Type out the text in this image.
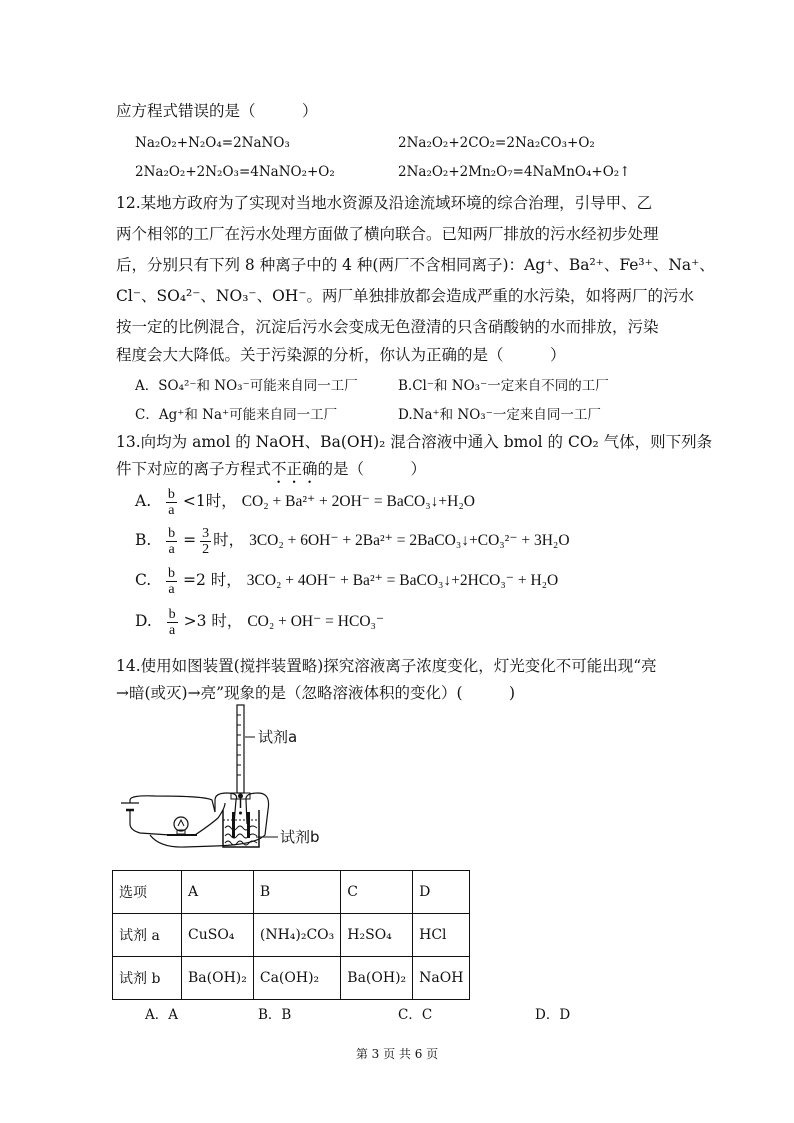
应方程式错误的是（　　　）
Na₂O₂+N₂O₄=2NaNO₃	2Na₂O₂+2CO₂=2Na₂CO₃+O₂
2Na₂O₂+2N₂O₃=4NaNO₂+O₂	2Na₂O₂+2Mn₂O₇=4NaMnO₄+O₂↑
12.某地方政府为了实现对当地水资源及沿途流域环境的综合治理，引导甲、乙
两个相邻的工厂在污水处理方面做了横向联合。已知两厂排放的污水经初步处理
后，分别只有下列 8 种离子中的 4 种(两厂不含相同离子)：Ag⁺、Ba²⁺、Fe³⁺、Na⁺、
Cl⁻、SO₄²⁻、NO₃⁻、OH⁻。两厂单独排放都会造成严重的水污染，如将两厂的污水
按一定的比例混合，沉淀后污水会变成无色澄清的只含硝酸钠的水而排放，污染
程度会大大降低。关于污染源的分析，你认为正确的是（　　　）
A．SO₄²⁻和 NO₃⁻可能来自同一工厂	B.Cl⁻和 NO₃⁻一定来自不同的工厂
C．Ag⁺和 Na⁺可能来自同一工厂	D.Na⁺和 NO₃⁻一定来自同一工厂
13.向均为 amol 的 NaOH、Ba(OH)₂ 混合溶液中通入 bmol 的 CO₂ 气体，则下列条
件下对应的离子方程式不正确的是（　　　）
A. $\frac{b}{a} <1$时， CO₂ + Ba²⁺ + 2OH⁻ = BaCO₃↓+H₂O
B. $\frac{b}{a} = \frac{3}{2}$ 时， 3CO₂ + 6OH⁻ + 2Ba²⁺ = 2BaCO₃↓+CO₃²⁻ + 3H₂O
C. $\frac{b}{a} =2$ 时， 3CO₂ + 4OH⁻ + Ba²⁺ = BaCO₃↓+2HCO₃⁻ + H₂O
D. $\frac{b}{a} >3$ 时， CO₂ + OH⁻ = HCO₃⁻
14.使用如图装置(搅拌装置略)探究溶液离子浓度变化，灯光变化不可能出现“亮
→暗(或灭)→亮”现象的是（忽略溶液体积的变化）(　　　)
试剂a
试剂b
选项	A	B	C	D
试剂 a	CuSO₄	(NH₄)₂CO₃	H₂SO₄	HCl
试剂 b	Ba(OH)₂	Ca(OH)₂	Ba(OH)₂	NaOH
A．A	B．B	C．C	D．D
第 3 页 共 6 页
